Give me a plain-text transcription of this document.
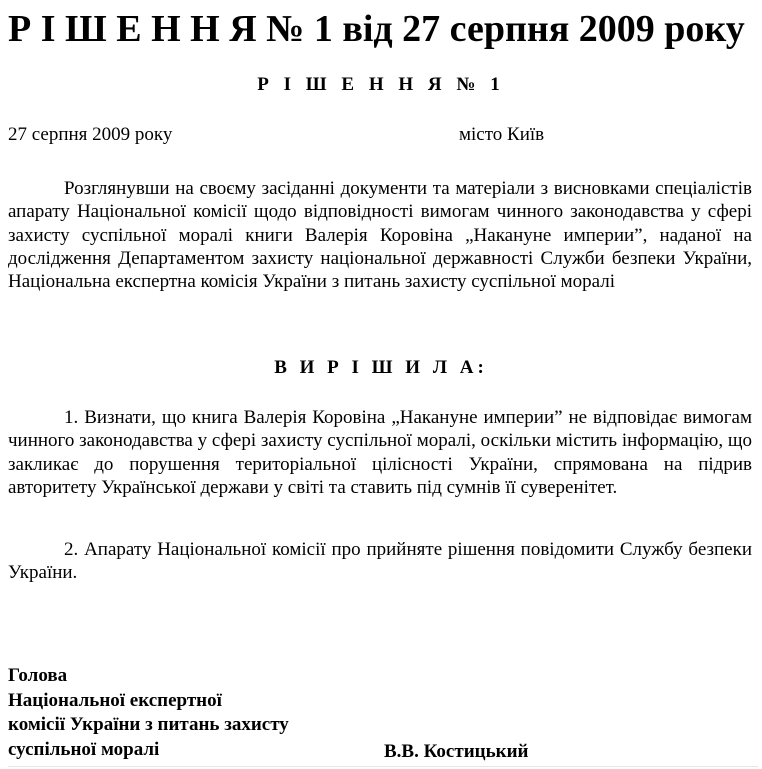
Р І Ш Е Н Н Я № 1 від 27 серпня 2009 року
Р І Ш Е Н Н Я № 1
27 серпня 2009 року	місто Київ

Розглянувши на своєму засіданні документи та матеріали з висновками спеціалістів апарату Національної комісії щодо відповідності вимогам чинного законодавства у сфері захисту суспільної моралі книги Валерія Коровіна „Накануне империи”, наданої на дослідження Департаментом захисту національної державності Служби безпеки України, Національна експертна комісія України з питань захисту суспільної моралі

В И Р І Ш И Л А:

1. Визнати, що книга Валерія Коровіна „Накануне империи” не відповідає вимогам чинного законодавства у сфері захисту суспільної моралі, оскільки містить інформацію, що закликає до порушення територіальної цілісності України, спрямована на підрив авторитету Української держави у світі та ставить під сумнів її суверенітет.

2. Апарату Національної комісії про прийняте рішення повідомити Службу безпеки України.

Голова
Національної експертної
комісії України з питань захисту
суспільної моралі	В.В. Костицький
